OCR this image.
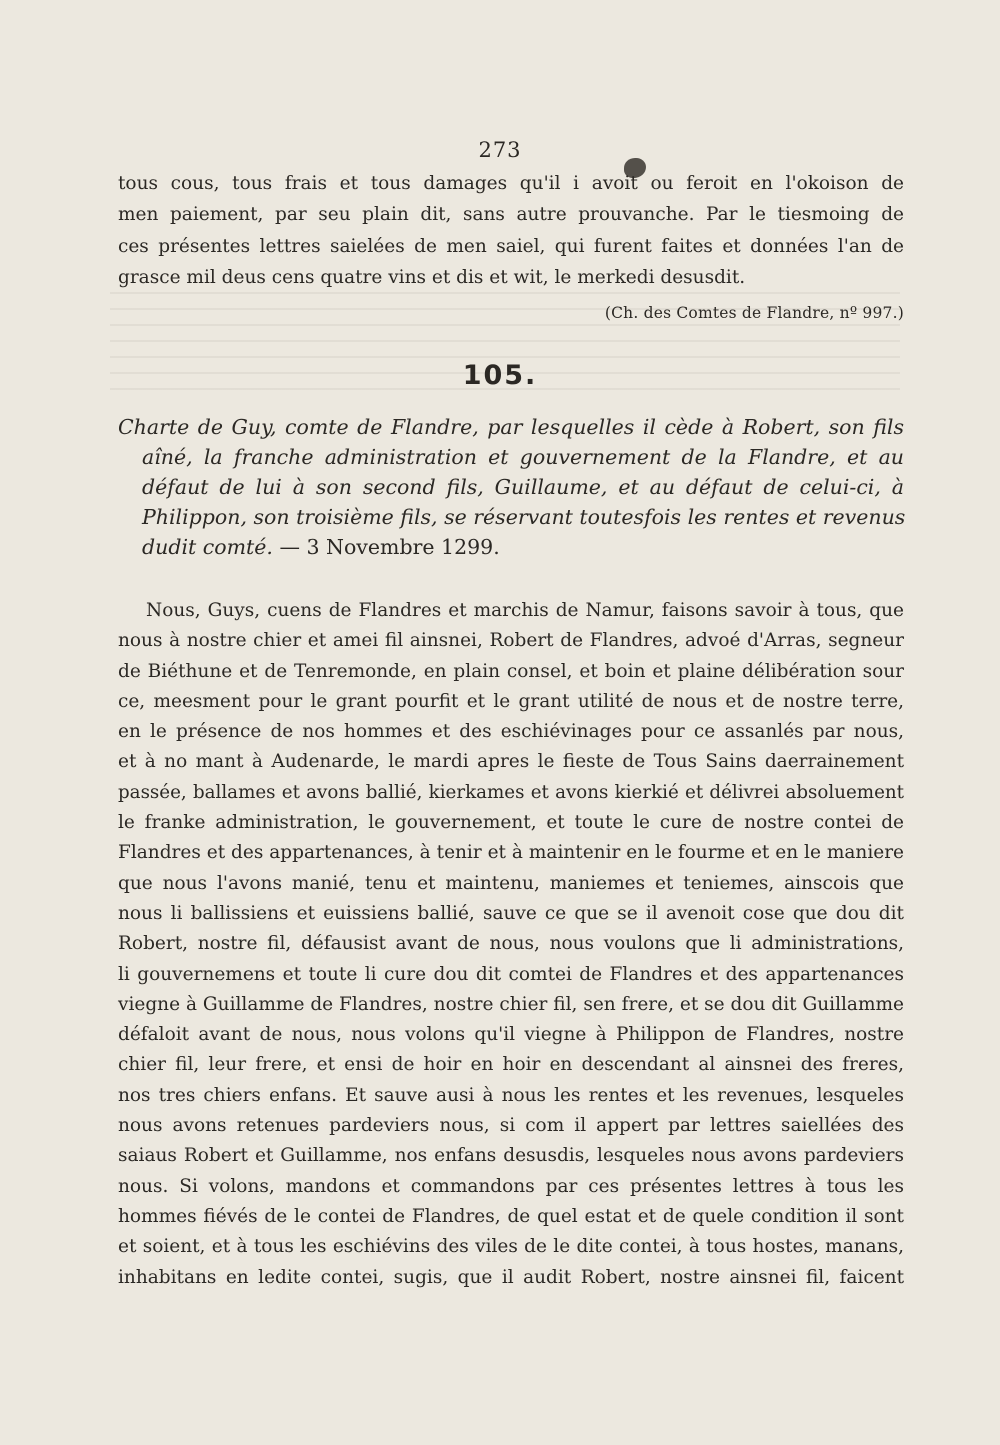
273
tous cous, tous frais et tous damages qu'il i avoit ou feroit en l'okoison de
men paiement, par seu plain dit, sans autre prouvanche. Par le tiesmoing de
ces présentes lettres saielées de men saiel, qui furent faites et données l'an de
grasce mil deus cens quatre vins et dis et wit, le merkedi desusdit.
(Ch. des Comtes de Flandre, nº 997.)
105.
Charte de Guy, comte de Flandre, par lesquelles il cède à Robert, son fils
aîné, la franche administration et gouvernement de la Flandre, et au
défaut de lui à son second fils, Guillaume, et au défaut de celui-ci, à
Philippon, son troisième fils, se réservant toutesfois les rentes et revenus
dudit comté. — 3 Novembre 1299.
Nous, Guys, cuens de Flandres et marchis de Namur, faisons savoir à tous, que
nous à nostre chier et amei fil ainsnei, Robert de Flandres, advoé d'Arras, segneur
de Biéthune et de Tenremonde, en plain consel, et boin et plaine délibération sour
ce, meesment pour le grant pourfit et le grant utilité de nous et de nostre terre,
en le présence de nos hommes et des eschiévinages pour ce assanlés par nous,
et à no mant à Audenarde, le mardi apres le fieste de Tous Sains daerrainement
passée, ballames et avons ballié, kierkames et avons kierkié et délivrei absoluement
le franke administration, le gouvernement, et toute le cure de nostre contei de
Flandres et des appartenances, à tenir et à maintenir en le fourme et en le maniere
que nous l'avons manié, tenu et maintenu, maniemes et teniemes, ainscois que
nous li ballissiens et euissiens ballié, sauve ce que se il avenoit cose que dou dit
Robert, nostre fil, défausist avant de nous, nous voulons que li administrations,
li gouvernemens et toute li cure dou dit comtei de Flandres et des appartenances
viegne à Guillamme de Flandres, nostre chier fil, sen frere, et se dou dit Guillamme
défaloit avant de nous, nous volons qu'il viegne à Philippon de Flandres, nostre
chier fil, leur frere, et ensi de hoir en hoir en descendant al ainsnei des freres,
nos tres chiers enfans. Et sauve ausi à nous les rentes et les revenues, lesqueles
nous avons retenues pardeviers nous, si com il appert par lettres saiellées des
saiaus Robert et Guillamme, nos enfans desusdis, lesqueles nous avons pardeviers
nous. Si volons, mandons et commandons par ces présentes lettres à tous les
hommes fiévés de le contei de Flandres, de quel estat et de quele condition il sont
et soient, et à tous les eschiévins des viles de le dite contei, à tous hostes, manans,
inhabitans en ledite contei, sugis, que il audit Robert, nostre ainsnei fil, faicent
